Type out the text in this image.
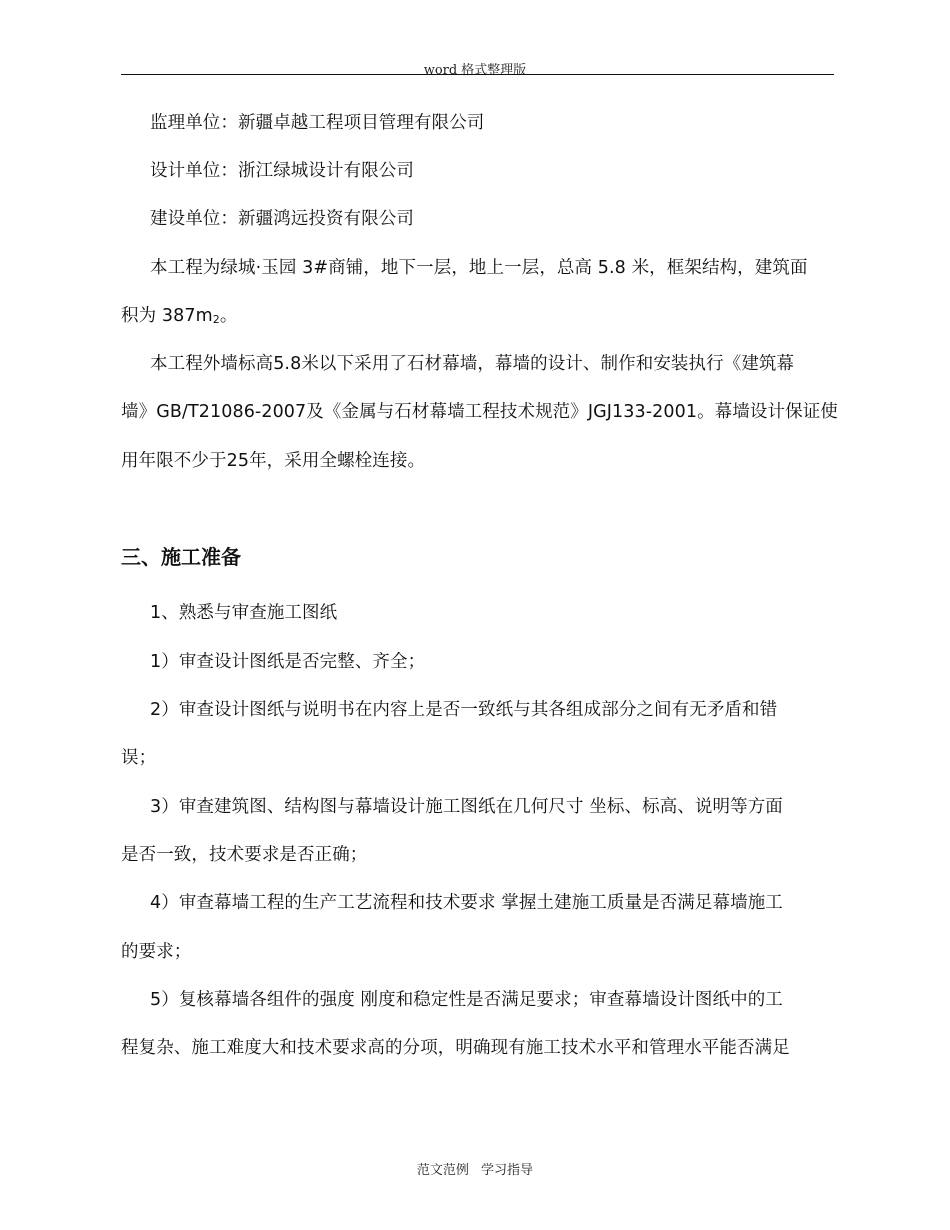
word 格式整理版
监理单位：新疆卓越工程项目管理有限公司
设计单位：浙江绿城设计有限公司
建设单位：新疆鸿远投资有限公司
本工程为绿城·玉园 3#商铺，地下一层，地上一层，总高 5.8 米，框架结构，建筑面
积为 $387m_2$。
本工程外墙标高5.8米以下采用了石材幕墙，幕墙的设计、制作和安装执行《建筑幕
墙》GB/T21086-2007及《金属与石材幕墙工程技术规范》JGJ133-2001。幕墙设计保证使
用年限不少于25年，采用全螺栓连接。
三、施工准备
1、熟悉与审查施工图纸
1）审查设计图纸是否完整、齐全；
2）审查设计图纸与说明书在内容上是否一致纸与其各组成部分之间有无矛盾和错
误；
3）审查建筑图、结构图与幕墙设计施工图纸在几何尺寸 坐标、标高、说明等方面
是否一致，技术要求是否正确；
4）审查幕墙工程的生产工艺流程和技术要求 掌握土建施工质量是否满足幕墙施工
的要求；
5）复核幕墙各组件的强度 刚度和稳定性是否满足要求；审查幕墙设计图纸中的工
程复杂、施工难度大和技术要求高的分项，明确现有施工技术水平和管理水平能否满足
范文范例 学习指导
